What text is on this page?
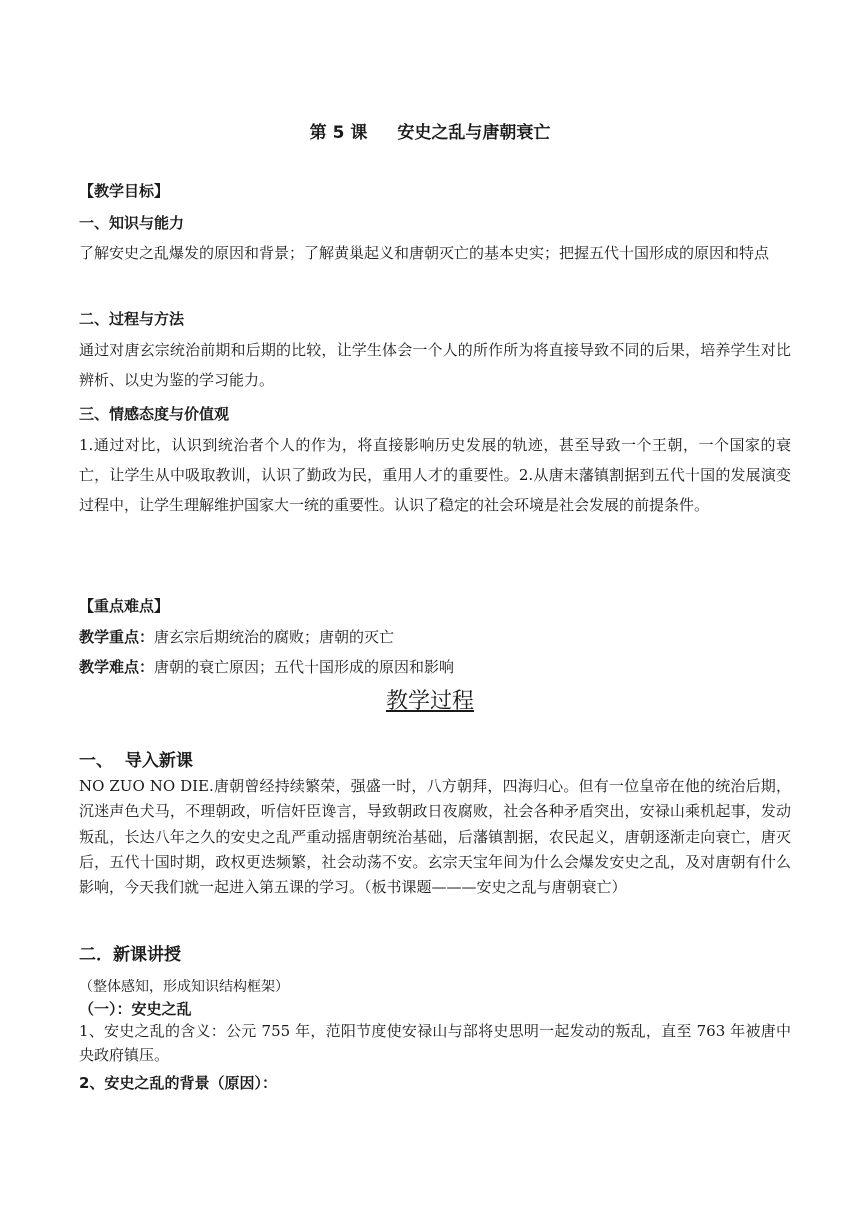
第 5 课 安史之乱与唐朝衰亡
【教学目标】
一、知识与能力
了解安史之乱爆发的原因和背景；了解黄巢起义和唐朝灭亡的基本史实；把握五代十国形成的原因和特点
二、过程与方法
通过对唐玄宗统治前期和后期的比较，让学生体会一个人的所作所为将直接导致不同的后果，培养学生对比辨析、以史为鉴的学习能力。
三、情感态度与价值观
1.通过对比，认识到统治者个人的作为，将直接影响历史发展的轨迹，甚至导致一个王朝，一个国家的衰亡，让学生从中吸取教训，认识了勤政为民，重用人才的重要性。2.从唐末藩镇割据到五代十国的发展演变过程中，让学生理解维护国家大一统的重要性。认识了稳定的社会环境是社会发展的前提条件。
【重点难点】
教学重点：唐玄宗后期统治的腐败；唐朝的灭亡
教学难点：唐朝的衰亡原因；五代十国形成的原因和影响
教学过程
一、  导入新课
NO ZUO NO DIE.唐朝曾经持续繁荣，强盛一时，八方朝拜，四海归心。但有一位皇帝在他的统治后期，沉迷声色犬马，不理朝政，听信奸臣谗言，导致朝政日夜腐败，社会各种矛盾突出，安禄山乘机起事，发动叛乱，长达八年之久的安史之乱严重动摇唐朝统治基础，后藩镇割据，农民起义，唐朝逐渐走向衰亡，唐灭后，五代十国时期，政权更迭频繁，社会动荡不安。玄宗天宝年间为什么会爆发安史之乱，及对唐朝有什么影响，今天我们就一起进入第五课的学习。（板书课题———安史之乱与唐朝衰亡）
二．新课讲授
（整体感知，形成知识结构框架）
（一）：安史之乱
1、安史之乱的含义：公元 755 年，范阳节度使安禄山与部将史思明一起发动的叛乱，直至 763 年被唐中央政府镇压。
2、安史之乱的背景（原因）：
